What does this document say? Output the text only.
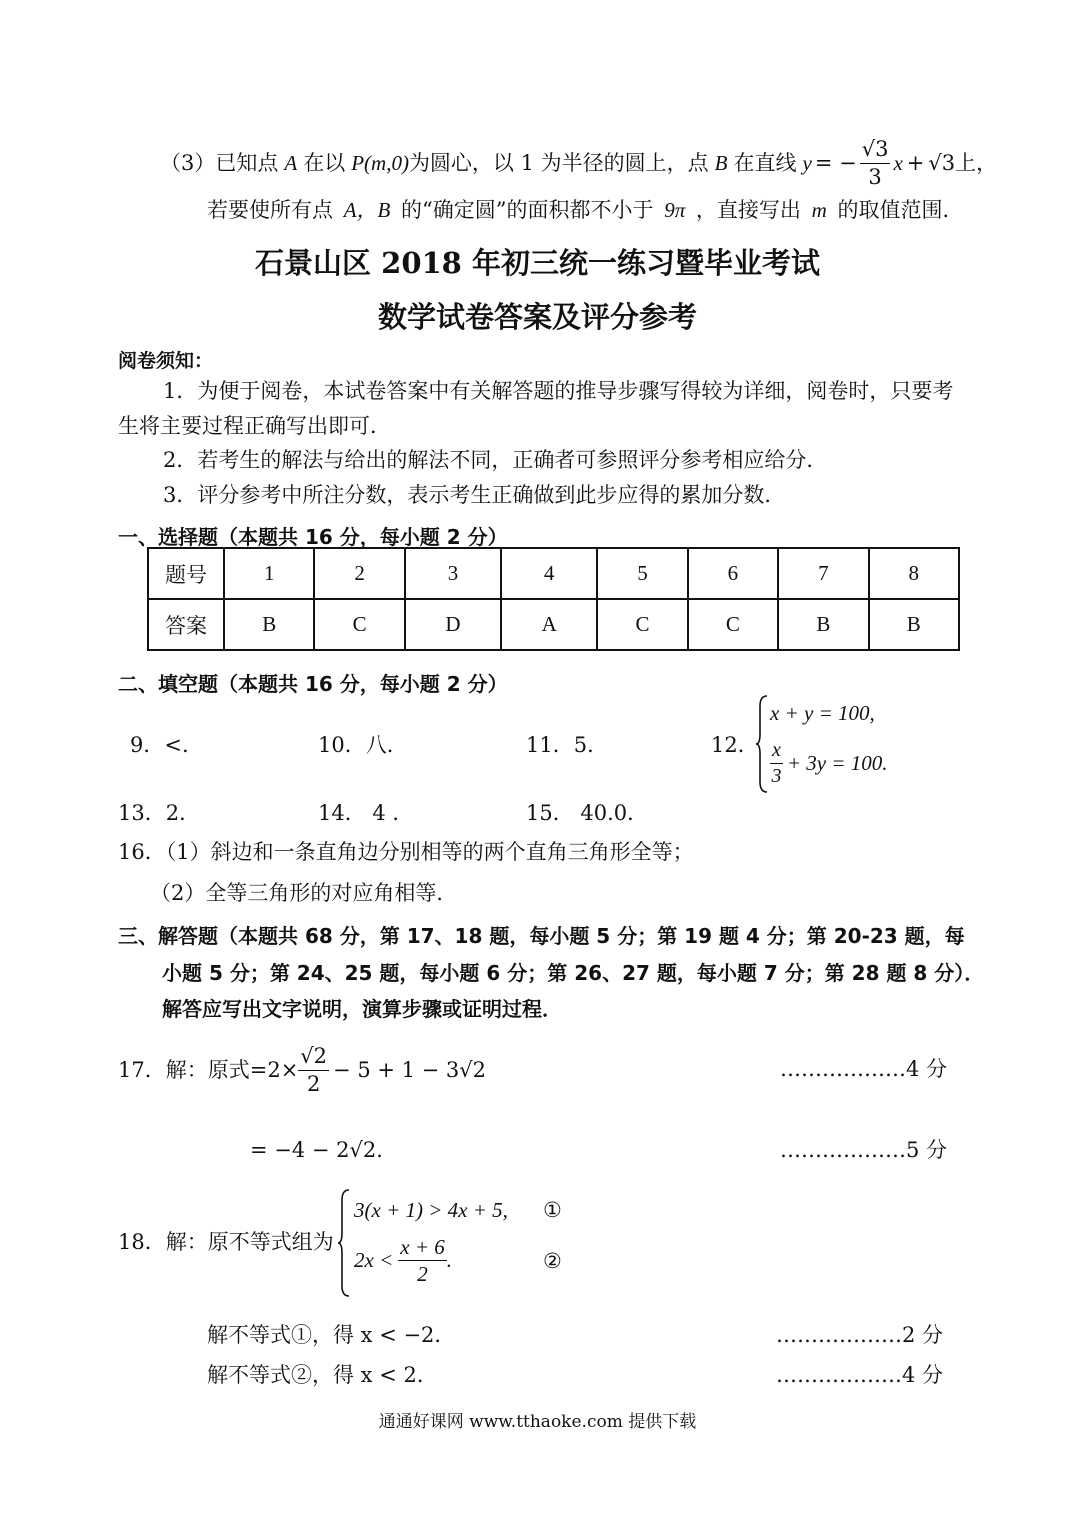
（3）已知点 A 在以 P (m,0) 为圆心，以 1 为半径的圆上，点 B 在直线 y = − $\frac{√3}{3}$ x + √3 上，
若要使所有点 A，B 的“确定圆”的面积都不小于 9π ，直接写出 m 的取值范围．
石景山区 2018 年初三统一练习暨毕业考试
数学试卷答案及评分参考
阅卷须知：
1．为便于阅卷，本试卷答案中有关解答题的推导步骤写得较为详细，阅卷时，只要考
生将主要过程正确写出即可．
2．若考生的解法与给出的解法不同，正确者可参照评分参考相应给分．
3．评分参考中所注分数，表示考生正确做到此步应得的累加分数．
一、选择题（本题共 16 分，每小题 2 分）
题号	1	2	3	4	5	6	7	8
答案	B	C	D	A	C	C	B	B
二、填空题（本题共 16 分，每小题 2 分）
9．<.	10．八．	11．5．	12．
x + y = 100,
$\frac{x}{3} + 3y = 100$.
13．2．	14． 4 ．	15． 40.0．
16．（1）斜边和一条直角边分别相等的两个直角三角形全等；
（2）全等三角形的对应角相等．
三、解答题（本题共 68 分，第 17、18 题，每小题 5 分；第 19 题 4 分；第 20-23 题，每
小题 5 分；第 24、25 题，每小题 6 分；第 26、27 题，每小题 7 分；第 28 题 8 分）．
解答应写出文字说明，演算步骤或证明过程．
17．解：原式= $2\times \frac{√2}{2} - 5 + 1 - 3$ √2	………………4 分
= −4 − 2√2.	………………5 分
18．解：原不等式组为
3(x + 1) > 4x + 5, ①
$2x < \frac{x + 6}{2}$ .	②
解不等式①，得 x < −2．	………………2 分
解不等式②，得 x < 2．	………………4 分
通通好课网 www.tthaoke.com 提供下载
